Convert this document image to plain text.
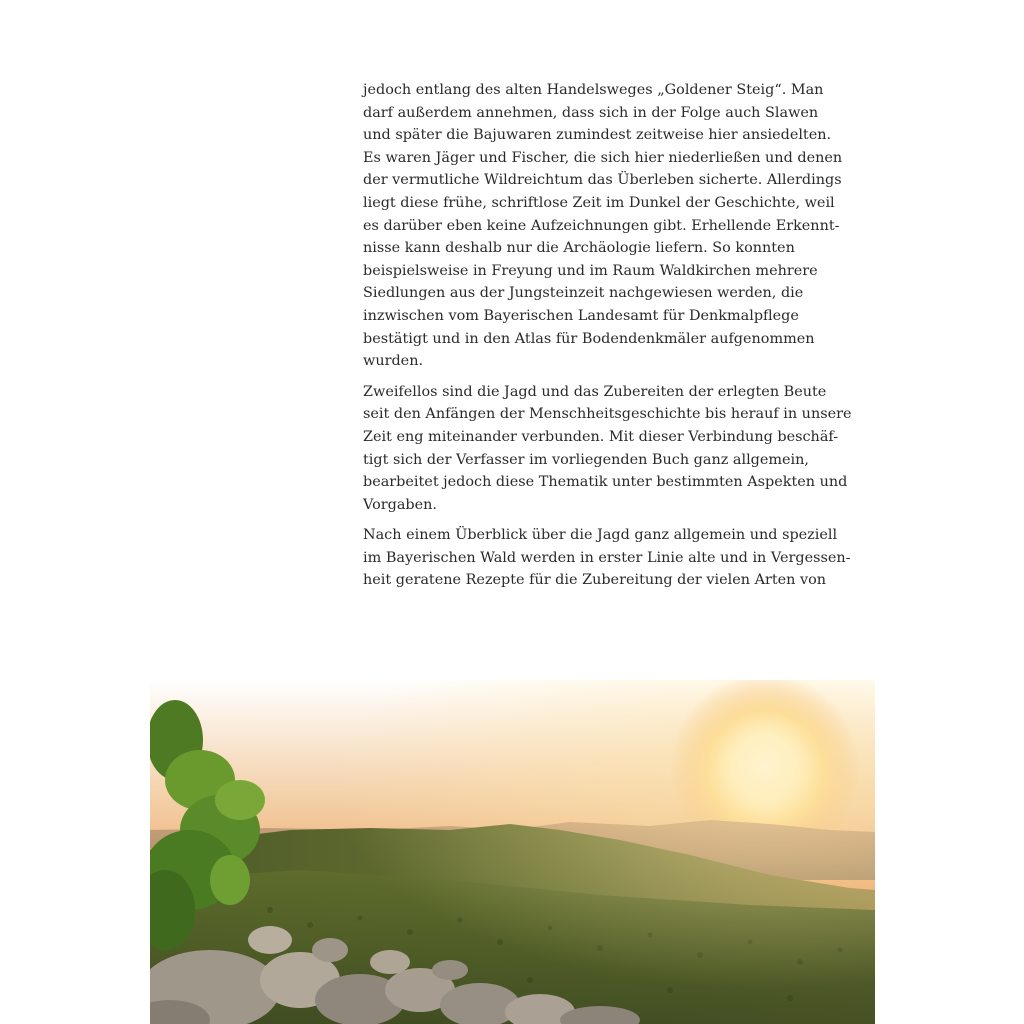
jedoch entlang des alten Handelsweges „Goldener Steig“. Man
darf außerdem annehmen, dass sich in der Folge auch Slawen
und später die Bajuwaren zumindest zeitweise hier ansiedelten.
Es waren Jäger und Fischer, die sich hier niederließen und denen
der vermutliche Wildreichtum das Überleben sicherte. Allerdings
liegt diese frühe, schriftlose Zeit im Dunkel der Geschichte, weil
es darüber eben keine Aufzeichnungen gibt. Erhellende Erkennt-
nisse kann deshalb nur die Archäologie liefern. So konnten
beispielsweise in Freyung und im Raum Waldkirchen mehrere
Siedlungen aus der Jungsteinzeit nachgewiesen werden, die
inzwischen vom Bayerischen Landesamt für Denkmalpflege
bestätigt und in den Atlas für Bodendenkmäler aufgenommen
wurden.

Zweifellos sind die Jagd und das Zubereiten der erlegten Beute
seit den Anfängen der Menschheitsgeschichte bis herauf in unsere
Zeit eng miteinander verbunden. Mit dieser Verbindung beschäf-
tigt sich der Verfasser im vorliegenden Buch ganz allgemein,
bearbeitet jedoch diese Thematik unter bestimmten Aspekten und
Vorgaben.

Nach einem Überblick über die Jagd ganz allgemein und speziell
im Bayerischen Wald werden in erster Linie alte und in Vergessen-
heit geratene Rezepte für die Zubereitung der vielen Arten von
